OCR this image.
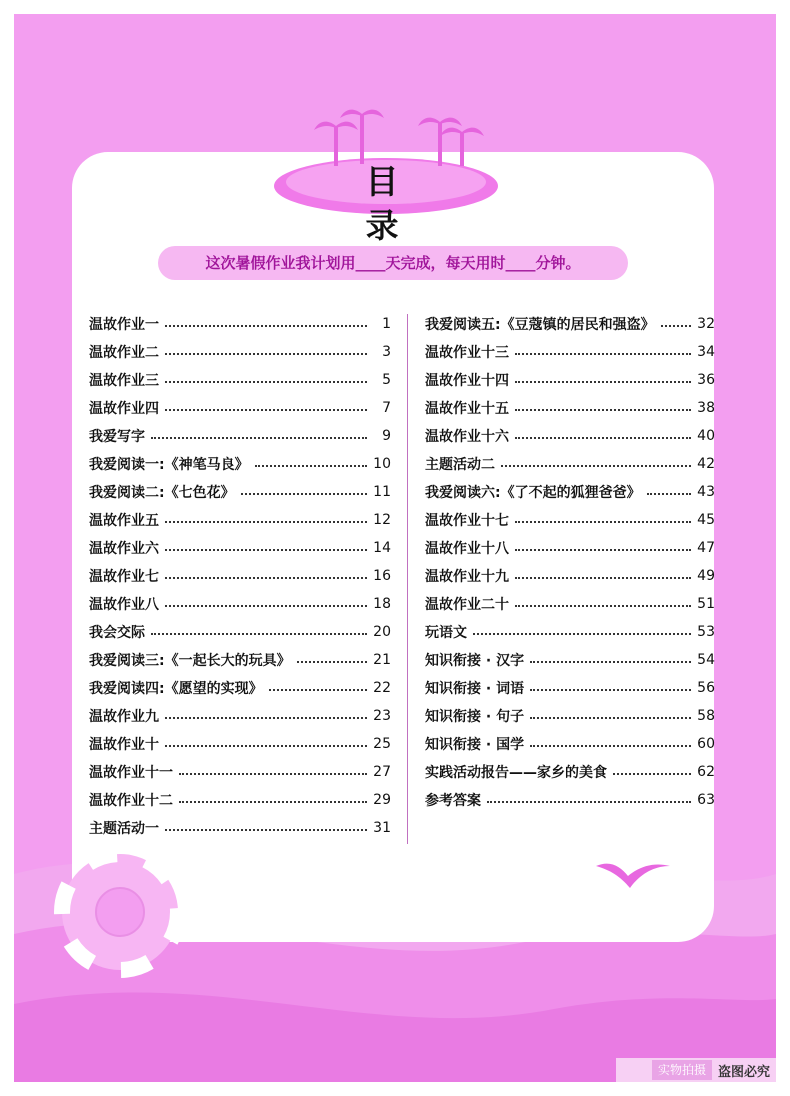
目 录
这次暑假作业我计划用____天完成，每天用时____分钟。
温故作业一	1
温故作业二	3
温故作业三	5
温故作业四	7
我爱写字	9
我爱阅读一:《神笔马良》	10
我爱阅读二:《七色花》	11
温故作业五	12
温故作业六	14
温故作业七	16
温故作业八	18
我会交际	20
我爱阅读三:《一起长大的玩具》	21
我爱阅读四:《愿望的实现》	22
温故作业九	23
温故作业十	25
温故作业十一	27
温故作业十二	29
主题活动一	31
我爱阅读五:《豆蔻镇的居民和强盗》	32
温故作业十三	34
温故作业十四	36
温故作业十五	38
温故作业十六	40
主题活动二	42
我爱阅读六:《了不起的狐狸爸爸》	43
温故作业十七	45
温故作业十八	47
温故作业十九	49
温故作业二十	51
玩语文	53
知识衔接 · 汉字	54
知识衔接 · 词语	56
知识衔接 · 句子	58
知识衔接 · 国学	60
实践活动报告——家乡的美食	62
参考答案	63
实物拍摄 盗图必究
